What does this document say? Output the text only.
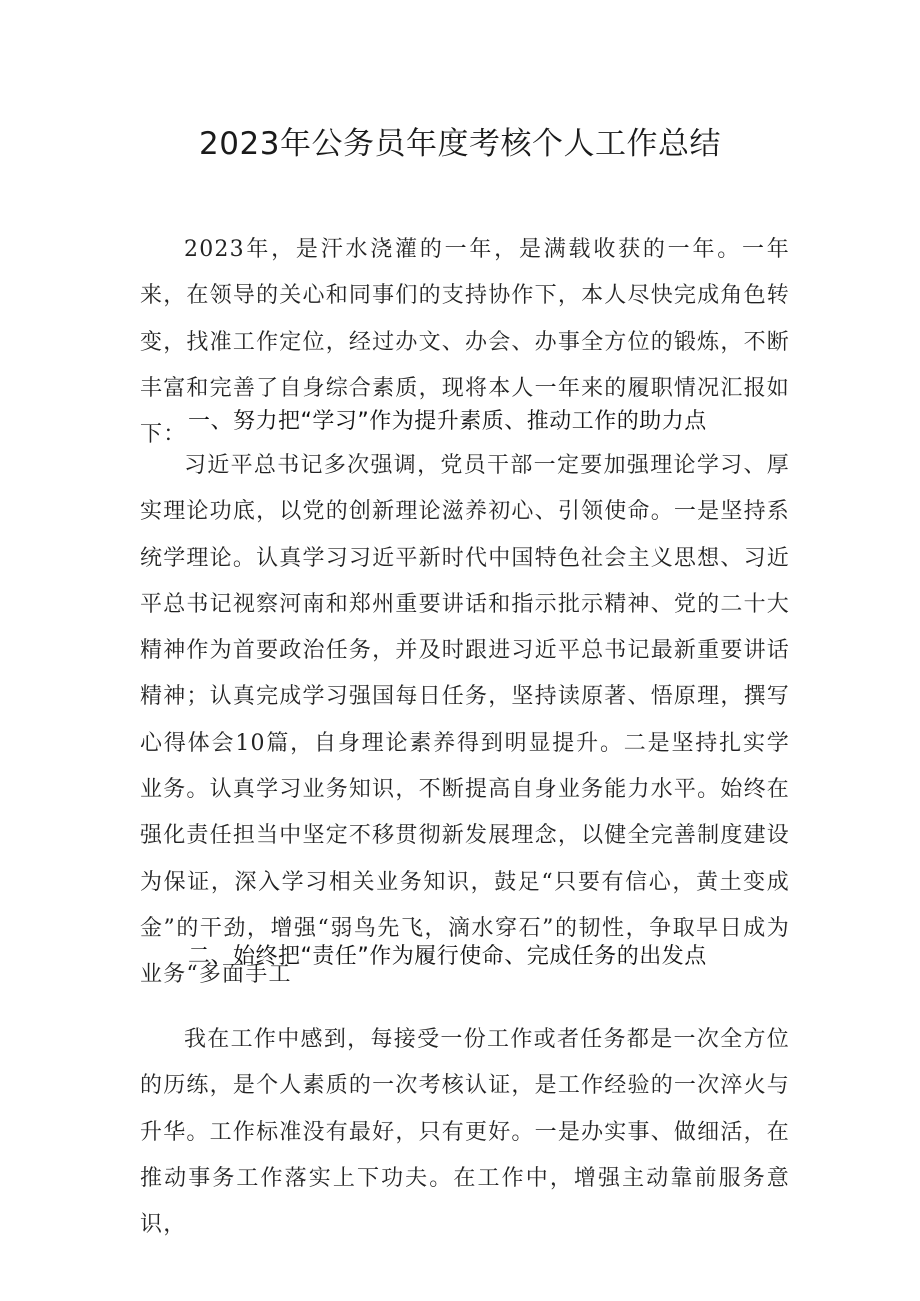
2023年公务员年度考核个人工作总结

2023年，是汗水浇灌的一年，是满载收获的一年。一年来，在领导的关心和同事们的支持协作下，本人尽快完成角色转变，找准工作定位，经过办文、办会、办事全方位的锻炼，不断丰富和完善了自身综合素质，现将本人一年来的履职情况汇报如下：

一、努力把“学习”作为提升素质、推动工作的助力点

习近平总书记多次强调，党员干部一定要加强理论学习、厚实理论功底，以党的创新理论滋养初心、引领使命。一是坚持系统学理论。认真学习习近平新时代中国特色社会主义思想、习近平总书记视察河南和郑州重要讲话和指示批示精神、党的二十大精神作为首要政治任务，并及时跟进习近平总书记最新重要讲话精神；认真完成学习强国每日任务，坚持读原著、悟原理，撰写心得体会10篇，自身理论素养得到明显提升。二是坚持扎实学业务。认真学习业务知识，不断提高自身业务能力水平。始终在强化责任担当中坚定不移贯彻新发展理念，以健全完善制度建设为保证，深入学习相关业务知识，鼓足“只要有信心，黄土变成金”的干劲，增强“弱鸟先飞，滴水穿石”的韧性，争取早日成为业务“多面手工

二、始终把“责任”作为履行使命、完成任务的出发点

我在工作中感到，每接受一份工作或者任务都是一次全方位的历练，是个人素质的一次考核认证，是工作经验的一次淬火与升华。工作标准没有最好，只有更好。一是办实事、做细活，在推动事务工作落实上下功夫。在工作中，增强主动靠前服务意识，
